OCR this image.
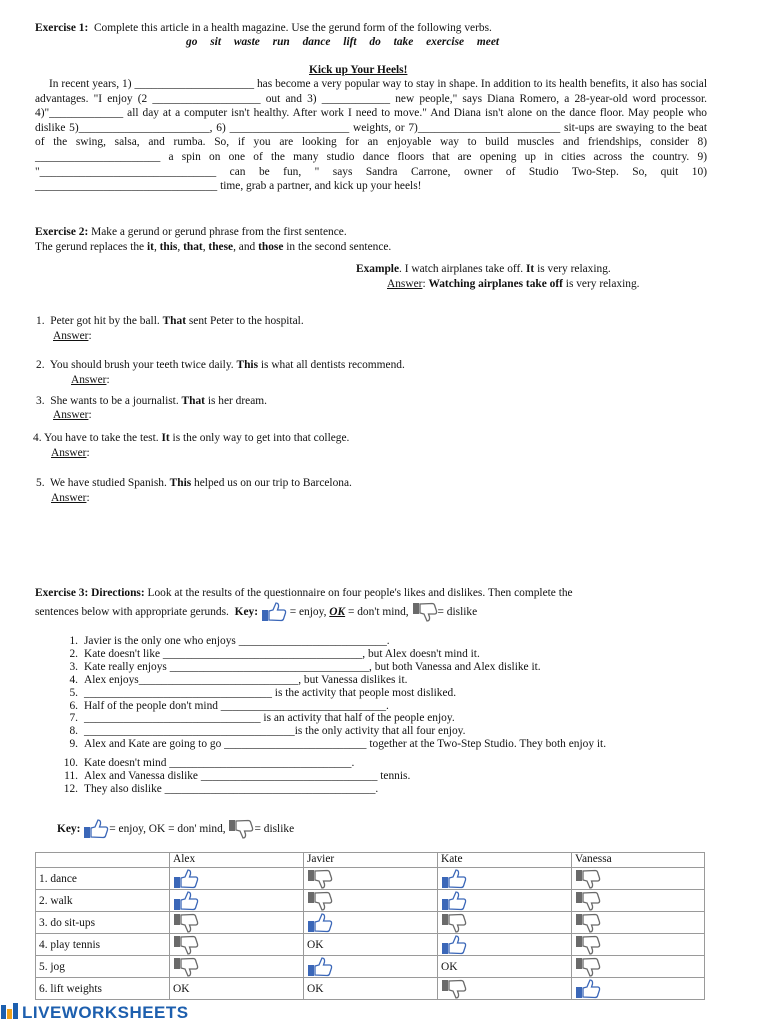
Exercise 1: Complete this article in a health magazine. Use the gerund form of the following verbs.
go sit waste run dance lift do take exercise meet
Kick up Your Heels!
In recent years, 1) _____________________ has become a very popular way to stay in shape. In addition to its health benefits, it also has social advantages. "I enjoy (2 ___________________ out and 3) ____________ new people," says Diana Romero, a 28-year-old word processor. 4)"_____________ all day at a computer isn't healthy. After work I need to move." And Diana isn't alone on the dance floor. May people who dislike 5)_______________________, 6) _____________________ weights, or 7)_________________________ sit-ups are swaying to the beat of the swing, salsa, and rumba. So, if you are looking for an enjoyable way to build muscles and friendships, consider 8) ______________________ a spin on one of the many studio dance floors that are opening up in cities across the country. 9) "_______________________________ can be fun, " says Sandra Carrone, owner of Studio Two-Step. So, quit 10) ________________________________ time, grab a partner, and kick up your heels!
Exercise 2: Make a gerund or gerund phrase from the first sentence.
The gerund replaces the it, this, that, these, and those in the second sentence.
Example. I watch airplanes take off. It is very relaxing.
Answer: Watching airplanes take off is very relaxing.
1. Peter got hit by the ball. That sent Peter to the hospital.
Answer:
2. You should brush your teeth twice daily. This is what all dentists recommend.
Answer:
3. She wants to be a journalist. That is her dream.
Answer:
4. You have to take the test. It is the only way to get into that college.
Answer:
5. We have studied Spanish. This helped us on our trip to Barcelona.
Answer:
Exercise 3: Directions: Look at the results of the questionnaire on four people's likes and dislikes. Then complete the
sentences below with appropriate gerunds. Key:	= enjoy, OK = don't mind,	= dislike
1. Javier is the only one who enjoys __________________________.
2. Kate doesn't like ___________________________________, but Alex doesn't mind it.
3. Kate really enjoys ___________________________________, but both Vanessa and Alex dislike it.
4. Alex enjoys____________________________, but Vanessa dislikes it.
5. _________________________________ is the activity that people most disliked.
6. Half of the people don't mind _____________________________.
7. _______________________________ is an activity that half of the people enjoy.
8. _____________________________________is the only activity that all four enjoy.
9. Alex and Kate are going to go _________________________ together at the Two-Step Studio. They both enjoy it.
10. Kate doesn't mind ________________________________.
11. Alex and Vanessa dislike _______________________________ tennis.
12. They also dislike _____________________________________.
Key:	= enjoy, OK = don' mind,	= dislike
	Alex	Javier	Kate	Vanessa
1. dance	

2. walk	

3. do sit-ups	

4. play tennis		OK	

5. jog			OK	

6. lift weights	OK	OK	

LIVEWORKSHEETS
